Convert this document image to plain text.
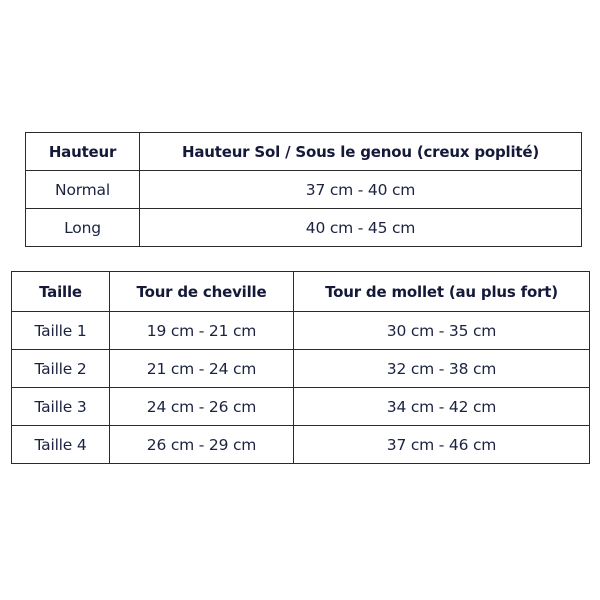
Hauteur	Hauteur Sol / Sous le genou (creux poplité)
Normal	37 cm - 40 cm
Long	40 cm - 45 cm
Taille	Tour de cheville	Tour de mollet (au plus fort)
Taille 1	19 cm - 21 cm	30 cm - 35 cm
Taille 2	21 cm - 24 cm	32 cm - 38 cm
Taille 3	24 cm - 26 cm	34 cm - 42 cm
Taille 4	26 cm - 29 cm	37 cm - 46 cm
